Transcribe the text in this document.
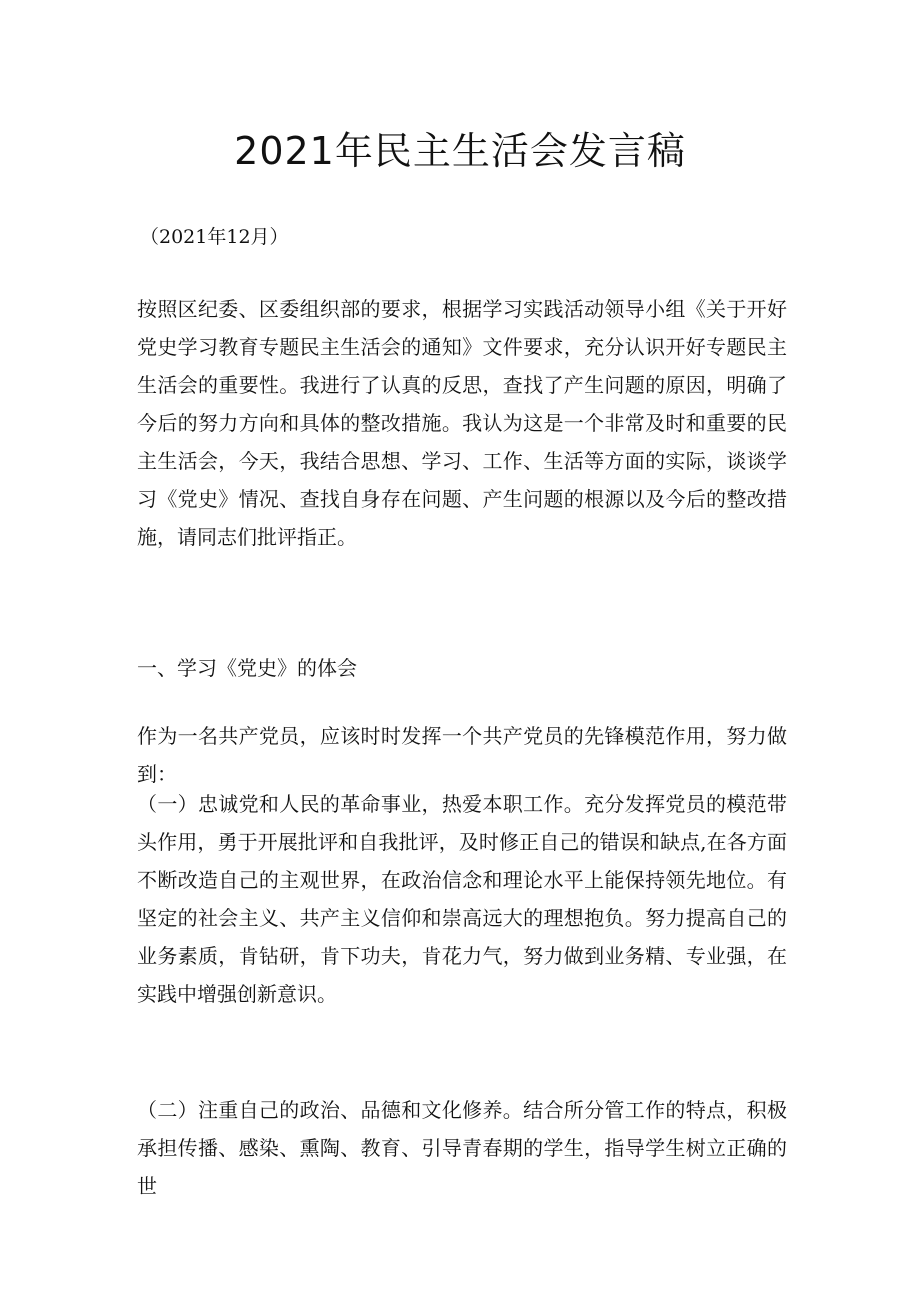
2021年民主生活会发言稿

（2021年12月）

按照区纪委、区委组织部的要求，根据学习实践活动领导小组《关于开好党史学习教育专题民主生活会的通知》文件要求，充分认识开好专题民主生活会的重要性。我进行了认真的反思，查找了产生问题的原因，明确了今后的努力方向和具体的整改措施。我认为这是一个非常及时和重要的民主生活会，今天，我结合思想、学习、工作、生活等方面的实际，谈谈学习《党史》情况、查找自身存在问题、产生问题的根源以及今后的整改措施，请同志们批评指正。

一、学习《党史》的体会

作为一名共产党员，应该时时发挥一个共产党员的先锋模范作用，努力做到：

（一）忠诚党和人民的革命事业，热爱本职工作。充分发挥党员的模范带头作用，勇于开展批评和自我批评，及时修正自己的错误和缺点,在各方面不断改造自己的主观世界，在政治信念和理论水平上能保持领先地位。有坚定的社会主义、共产主义信仰和崇高远大的理想抱负。努力提高自己的业务素质，肯钻研，肯下功夫，肯花力气，努力做到业务精、专业强，在实践中增强创新意识。

（二）注重自己的政治、品德和文化修养。结合所分管工作的特点，积极承担传播、感染、熏陶、教育、引导青春期的学生，指导学生树立正确的世
